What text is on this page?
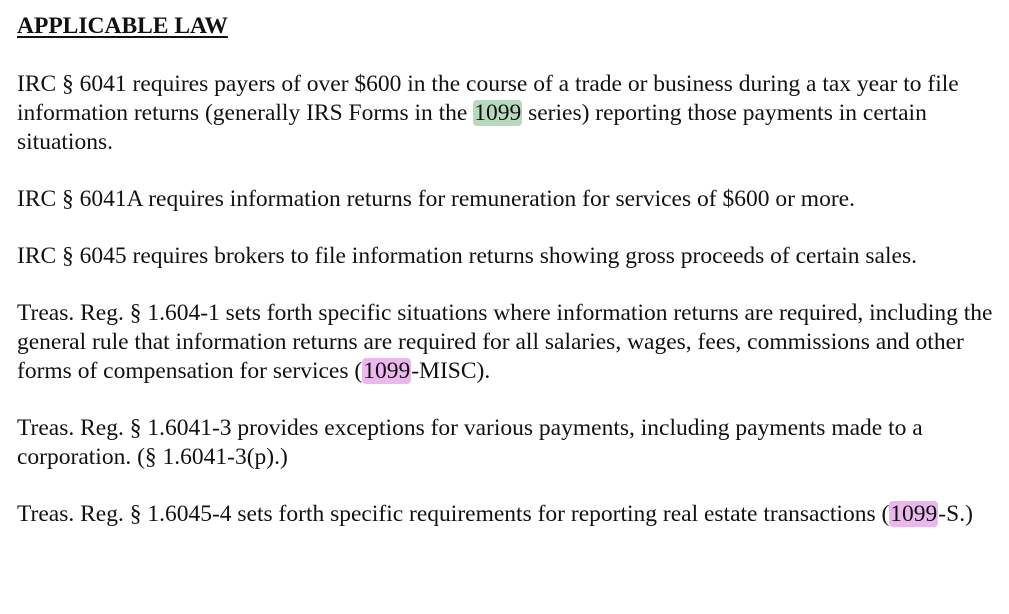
APPLICABLE LAW

IRC § 6041 requires payers of over $600 in the course of a trade or business during a tax year to file information returns (generally IRS Forms in the 1099 series) reporting those payments in certain situations.

IRC § 6041A requires information returns for remuneration for services of $600 or more.

IRC § 6045 requires brokers to file information returns showing gross proceeds of certain sales.

Treas. Reg. § 1.604-1 sets forth specific situations where information returns are required, including the general rule that information returns are required for all salaries, wages, fees, commissions and other forms of compensation for services (1099-MISC).

Treas. Reg. § 1.6041-3 provides exceptions for various payments, including payments made to a corporation. (§ 1.6041-3(p).)

Treas. Reg. § 1.6045-4 sets forth specific requirements for reporting real estate transactions (1099-S.)
